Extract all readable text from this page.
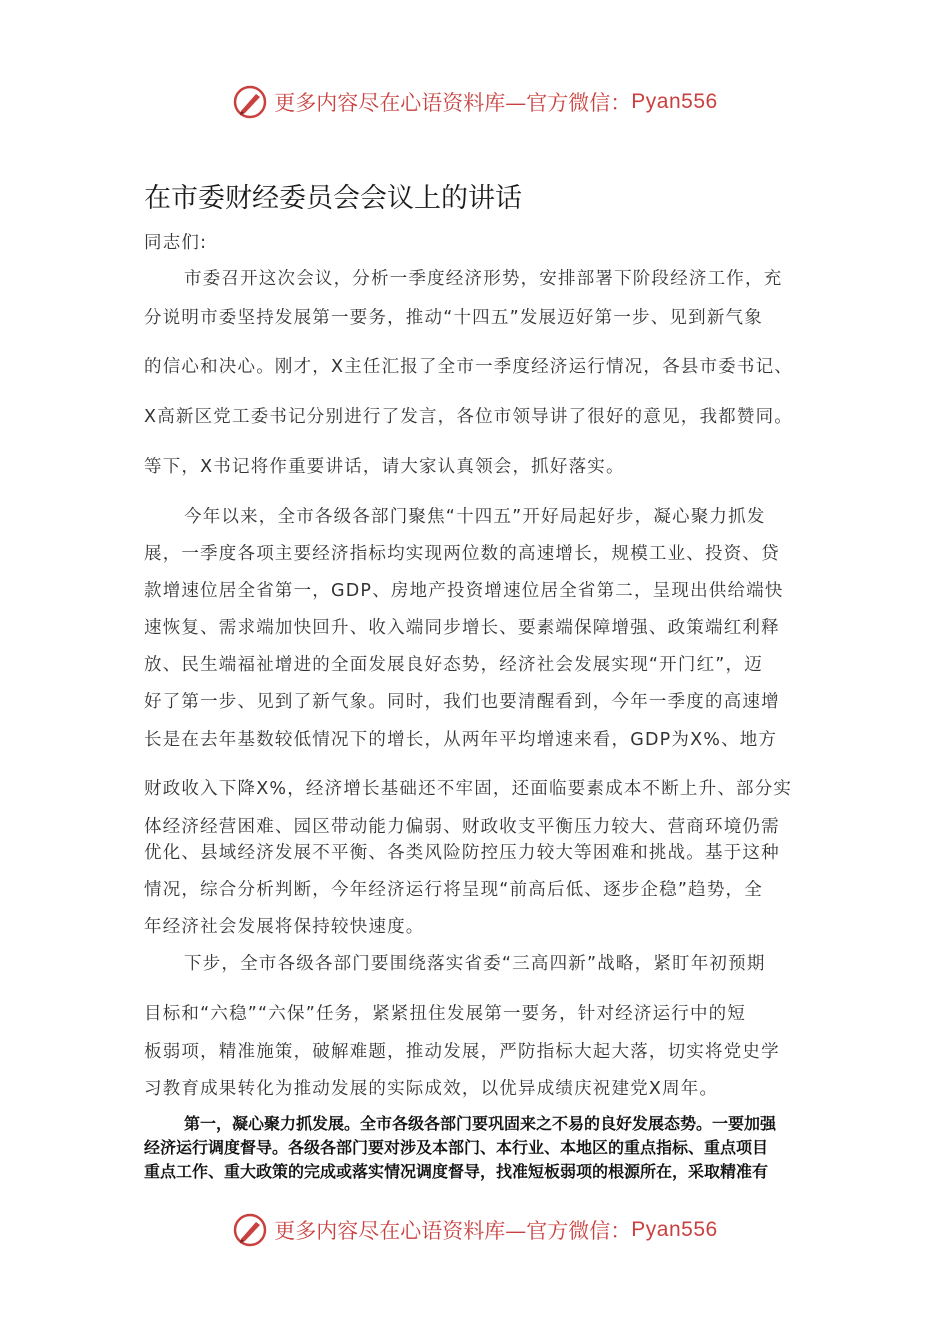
更多内容尽在心语资料库—官方微信： Pyan556
在市委财经委员会会议上的讲话
同志们:
市委召开这次会议，分析一季度经济形势，安排部署下阶段经济工作，充
分说明市委坚持发展第一要务，推动“十四五”发展迈好第一步、见到新气象
的信心和决心。刚才，X主任汇报了全市一季度经济运行情况，各县市委书记、
X高新区党工委书记分别进行了发言，各位市领导讲了很好的意见，我都赞同。
等下，X书记将作重要讲话，请大家认真领会，抓好落实。
今年以来，全市各级各部门聚焦“十四五”开好局起好步，凝心聚力抓发
展，一季度各项主要经济指标均实现两位数的高速增长，规模工业、投资、贷
款增速位居全省第一，GDP、房地产投资增速位居全省第二，呈现出供给端快
速恢复、需求端加快回升、收入端同步增长、要素端保障增强、政策端红利释
放、民生端福祉增进的全面发展良好态势，经济社会发展实现“开门红”，迈
好了第一步、见到了新气象。同时，我们也要清醒看到，今年一季度的高速增
长是在去年基数较低情况下的增长，从两年平均增速来看，GDP为X%、地方
财政收入下降X%，经济增长基础还不牢固，还面临要素成本不断上升、部分实
体经济经营困难、园区带动能力偏弱、财政收支平衡压力较大、营商环境仍需
优化、县域经济发展不平衡、各类风险防控压力较大等困难和挑战。基于这种
情况，综合分析判断，今年经济运行将呈现“前高后低、逐步企稳”趋势，全
年经济社会发展将保持较快速度。
下步，全市各级各部门要围绕落实省委“三高四新”战略，紧盯年初预期
目标和“六稳”“六保”任务，紧紧扭住发展第一要务，针对经济运行中的短
板弱项，精准施策，破解难题，推动发展，严防指标大起大落，切实将党史学
习教育成果转化为推动发展的实际成效，以优异成绩庆祝建党X周年。
第一，凝心聚力抓发展。全市各级各部门要巩固来之不易的良好发展态势。一要加强
经济运行调度督导。各级各部门要对涉及本部门、本行业、本地区的重点指标、重点项目
重点工作、重大政策的完成或落实情况调度督导，找准短板弱项的根源所在，采取精准有
更多内容尽在心语资料库—官方微信： Pyan556
